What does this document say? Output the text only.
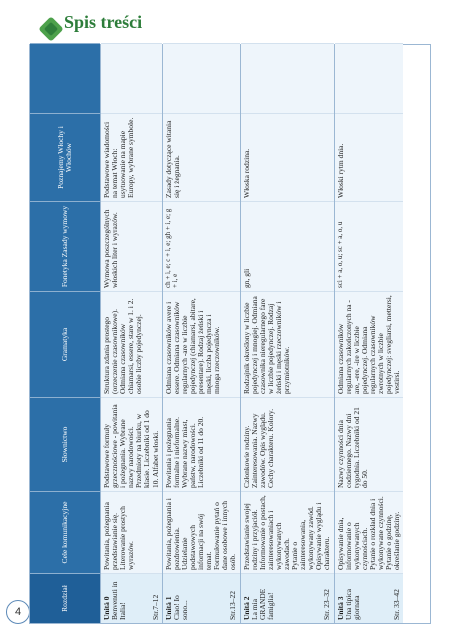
Spis treści
4
Rozdział
Cele komunikacyjne
Słownictwo
Gramatyka
Fonetyka Zasady wymowy
Poznajemy Włochy i Włochów
Unità 0 Benvenuti in Italia!	Str.7–12
Powitania, pożegnania przedstawianie się. Literowanie prostych wyrazów.
Podstawowe formuły grzecznościowe - powitania i pożegnania. Wybrane nazwy narodowości. Przedmioty na biurku, w klasie. Liczebniki od 1 do 10. Alfabet włoski.
Struktura zdania prostego (orzeczenie czasownikowe). Odmiana czasowników chiamarsi, essere, stare w 1. i 2. osobie liczby pojedynczej.
Wymowa poszczególnych włoskich liter i wyrazów.
Podstawowe wiadomości na temat Włoch: usytuowanie na mapie Europy, wybrane symbole.
Unità 1 Ciao! Io sono...	Str.13–22
Powitania, pożegnania i pozdrowienia. Udzielanie podstawowych informacji na swój temat. Formułowanie pytań o dane osobowe i innych osób.
Powitania i pożegnania formalne i nieformalne. Wybrane nazwy miast, państw, narodowości. Liczebniki od 11 do 20.
Odmiana czasowników avere i essere. Odmiana czasowników regularnych -are w liczbie pojedynczej (chiamarsi, abitare, presentare). Rodzaj żeński i męski, liczba pojedyncza i mnoga rzeczowników.
ch + i, e; c + i, e; gh + i, e; g + i, e
Zasady dotyczące witania się i żegnania.
Unità 2 La mia GRANDE famiglia!	Str. 23–32
Przedstawianie swojej rodziny i przyjaciół. Informowanie o postach, zainteresowaniach i wykonywanych zawodach. Pytanie o zainteresowania, wykonywany zawód. Opisywanie wyglądu i charakteru.
Członkowie rodziny. Zainteresowania. Nazwy zawodów. Opis wyglądu. Cechy charakteru. Kolory.
Rodzajnik określony w liczbie pojedynczej i mnogiej. Odmiana czasownika nieregularnego fare w liczbie pojedynczej. Rodzaj żeński i męski rzeczowników i przymiotników.
gn, gli
Włoska rodzina.
Unità 3 Una tipica giornata	Str. 33–42
Opisywanie dnia, informowanie o wykonywanych czynnościach. Pytanie o rozkład dnia i wykonywane czynności. Pytanie o godzinę, określanie godziny.
Nazwy czynności dnia codziennego. Nazwy dni tygodnia. Liczebniki od 21 do 50.
Odmiana czasowników regularnych zakończonych na -are, -ere, -ire w liczbie pojedynczej. Odmiana regularnych czasowników zwrotnych w liczbie pojedynczej: svegliarsi, mettersi, vestirsi.
sci + a, o, u; sc + a, o, u
Włoski rytm dnia.
